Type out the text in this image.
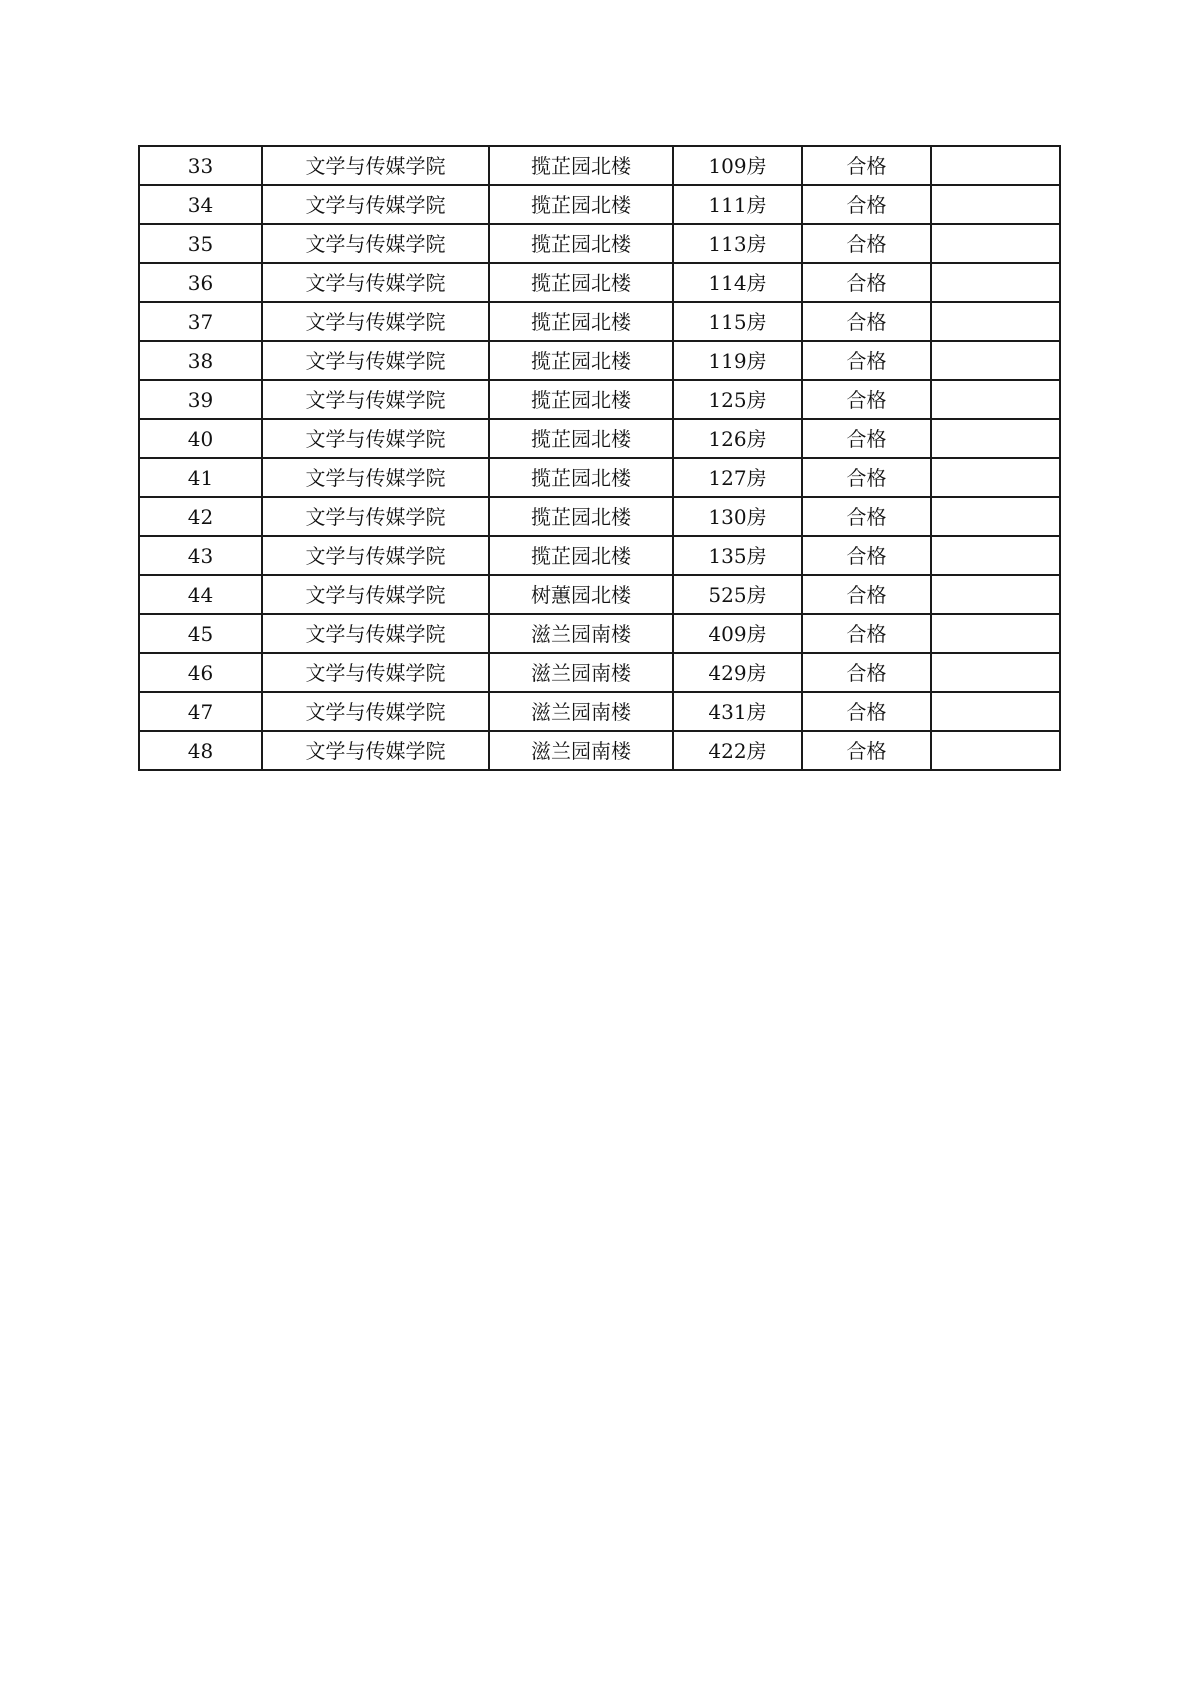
33	文学与传媒学院	揽芷园北楼	109房	合格	
34	文学与传媒学院	揽芷园北楼	111房	合格	
35	文学与传媒学院	揽芷园北楼	113房	合格	
36	文学与传媒学院	揽芷园北楼	114房	合格	
37	文学与传媒学院	揽芷园北楼	115房	合格	
38	文学与传媒学院	揽芷园北楼	119房	合格	
39	文学与传媒学院	揽芷园北楼	125房	合格	
40	文学与传媒学院	揽芷园北楼	126房	合格	
41	文学与传媒学院	揽芷园北楼	127房	合格	
42	文学与传媒学院	揽芷园北楼	130房	合格	
43	文学与传媒学院	揽芷园北楼	135房	合格	
44	文学与传媒学院	树蕙园北楼	525房	合格	
45	文学与传媒学院	滋兰园南楼	409房	合格	
46	文学与传媒学院	滋兰园南楼	429房	合格	
47	文学与传媒学院	滋兰园南楼	431房	合格	
48	文学与传媒学院	滋兰园南楼	422房	合格	
